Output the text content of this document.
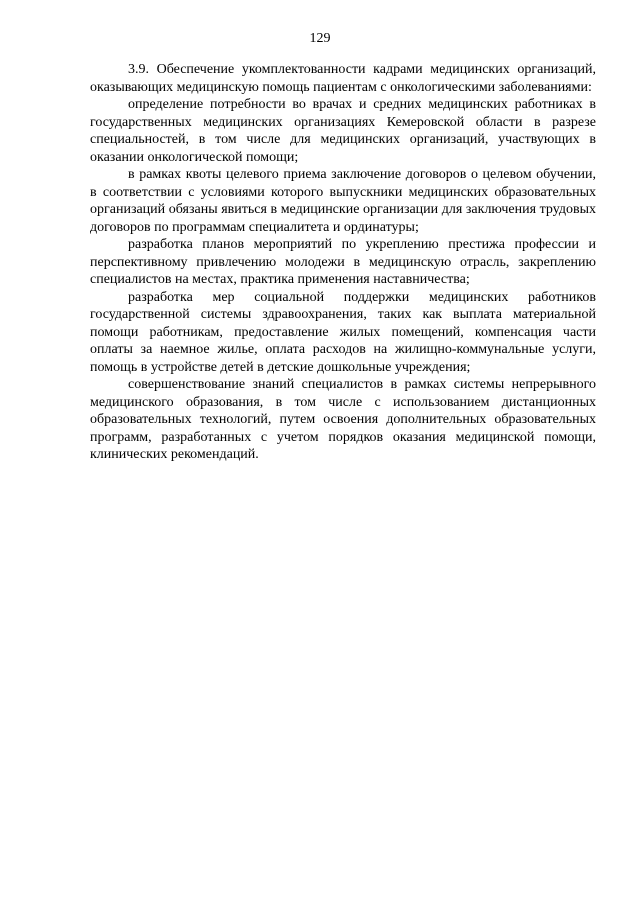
129

3.9. Обеспечение укомплектованности кадрами медицинских организаций, оказывающих медицинскую помощь пациентам с онкологическими заболеваниями:

определение потребности во врачах и средних медицинских работниках в государственных медицинских организациях Кемеровской области в разрезе специальностей, в том числе для медицинских организаций, участвующих в оказании онкологической помощи;

в рамках квоты целевого приема заключение договоров о целевом обучении, в соответствии с условиями которого выпускники медицинских образовательных организаций обязаны явиться в медицинские организации для заключения трудовых договоров по программам специалитета и ординатуры;

разработка планов мероприятий по укреплению престижа профессии и перспективному привлечению молодежи в медицинскую отрасль, закреплению специалистов на местах, практика применения наставничества;

разработка мер социальной поддержки медицинских работников государственной системы здравоохранения, таких как выплата материальной помощи работникам, предоставление жилых помещений, компенсация части оплаты за наемное жилье, оплата расходов на жилищно-коммунальные услуги, помощь в устройстве детей в детские дошкольные учреждения;

совершенствование знаний специалистов в рамках системы непрерывного медицинского образования, в том числе с использованием дистанционных образовательных технологий, путем освоения дополнительных образовательных программ, разработанных с учетом порядков оказания медицинской помощи, клинических рекомендаций.
